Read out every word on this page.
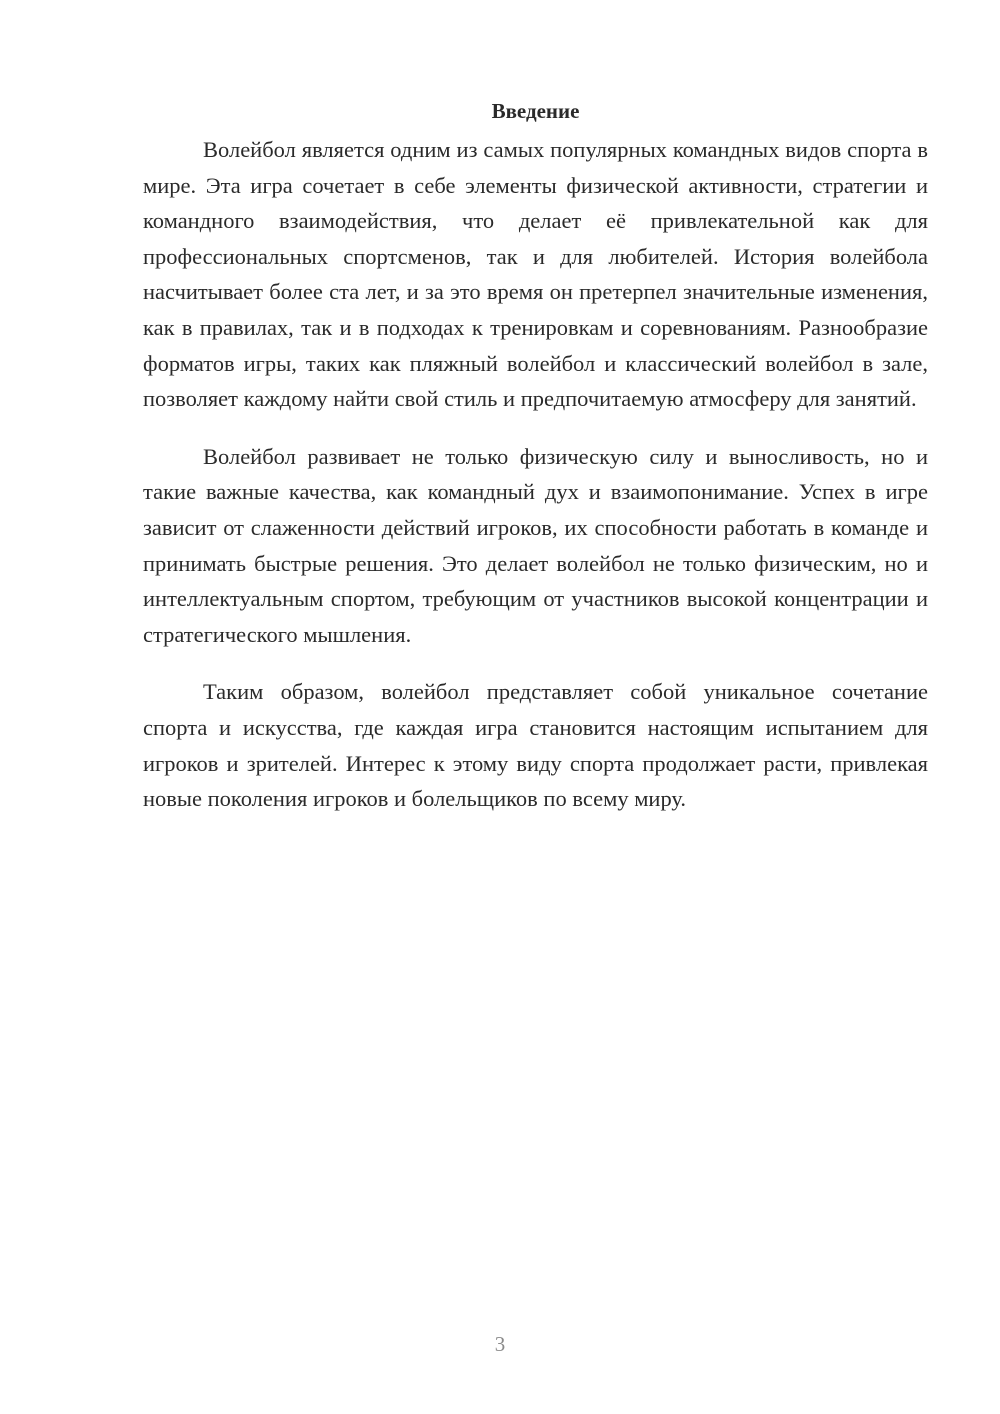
Введение

Волейбол является одним из самых популярных командных видов спорта в мире. Эта игра сочетает в себе элементы физической активности, стратегии и командного взаимодействия, что делает её привлекательной как для профессиональных спортсменов, так и для любителей. История волейбола насчитывает более ста лет, и за это время он претерпел значительные изменения, как в правилах, так и в подходах к тренировкам и соревнованиям. Разнообразие форматов игры, таких как пляжный волейбол и классический волейбол в зале, позволяет каждому найти свой стиль и предпочитаемую атмосферу для занятий.

Волейбол развивает не только физическую силу и выносливость, но и такие важные качества, как командный дух и взаимопонимание. Успех в игре зависит от слаженности действий игроков, их способности работать в команде и принимать быстрые решения. Это делает волейбол не только физическим, но и интеллектуальным спортом, требующим от участников высокой концентрации и стратегического мышления.

Таким образом, волейбол представляет собой уникальное сочетание спорта и искусства, где каждая игра становится настоящим испытанием для игроков и зрителей. Интерес к этому виду спорта продолжает расти, привлекая новые поколения игроков и болельщиков по всему миру.

3
